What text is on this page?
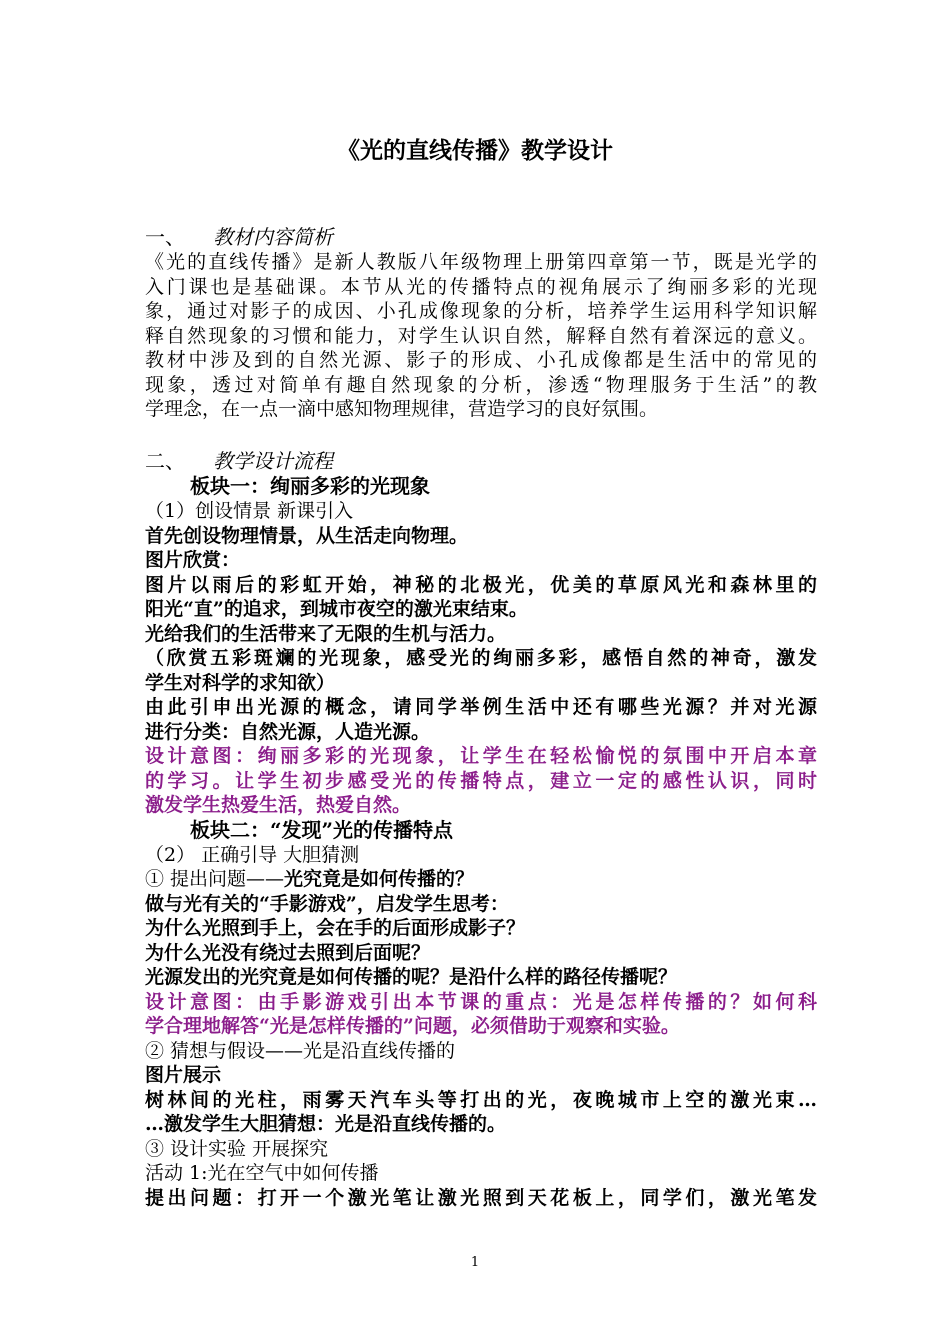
《光的直线传播》教学设计
一、 教材内容简析
《光的直线传播》是新人教版八年级物理上册第四章第一节，既是光学的
入门课也是基础课。本节从光的传播特点的视角展示了绚丽多彩的光现
象，通过对影子的成因、小孔成像现象的分析，培养学生运用科学知识解
释自然现象的习惯和能力，对学生认识自然，解释自然有着深远的意义。
教材中涉及到的自然光源、影子的形成、小孔成像都是生活中的常见的
现象，透过对简单有趣自然现象的分析，渗透“物理服务于生活”的教
学理念，在一点一滴中感知物理规律，营造学习的良好氛围。
二、 教学设计流程
板块一：绚丽多彩的光现象
（1）创设情景 新课引入
首先创设物理情景，从生活走向物理。
图片欣赏：
图片以雨后的彩虹开始，神秘的北极光，优美的草原风光和森林里的
阳光“直”的追求，到城市夜空的激光束结束。
光给我们的生活带来了无限的生机与活力。
（欣赏五彩斑斓的光现象，感受光的绚丽多彩，感悟自然的神奇，激发
学生对科学的求知欲）
由此引申出光源的概念，请同学举例生活中还有哪些光源？并对光源
进行分类：自然光源，人造光源。
设计意图：绚丽多彩的光现象，让学生在轻松愉悦的氛围中开启本章
的学习。让学生初步感受光的传播特点，建立一定的感性认识，同时
激发学生热爱生活，热爱自然。
板块二：“发现”光的传播特点
（2） 正确引导 大胆猜测
① 提出问题——光究竟是如何传播的？
做与光有关的“手影游戏”，启发学生思考：
为什么光照到手上，会在手的后面形成影子？
为什么光没有绕过去照到后面呢？
光源发出的光究竟是如何传播的呢？是沿什么样的路径传播呢？
设计意图：由手影游戏引出本节课的重点：光是怎样传播的？如何科
学合理地解答“光是怎样传播的”问题，必须借助于观察和实验。
② 猜想与假设——光是沿直线传播的
图片展示
树林间的光柱，雨雾天汽车头等打出的光，夜晚城市上空的激光束…
…激发学生大胆猜想：光是沿直线传播的。
③ 设计实验 开展探究
活动 1:光在空气中如何传播
提出问题：打开一个激光笔让激光照到天花板上，同学们，激光笔发
1
